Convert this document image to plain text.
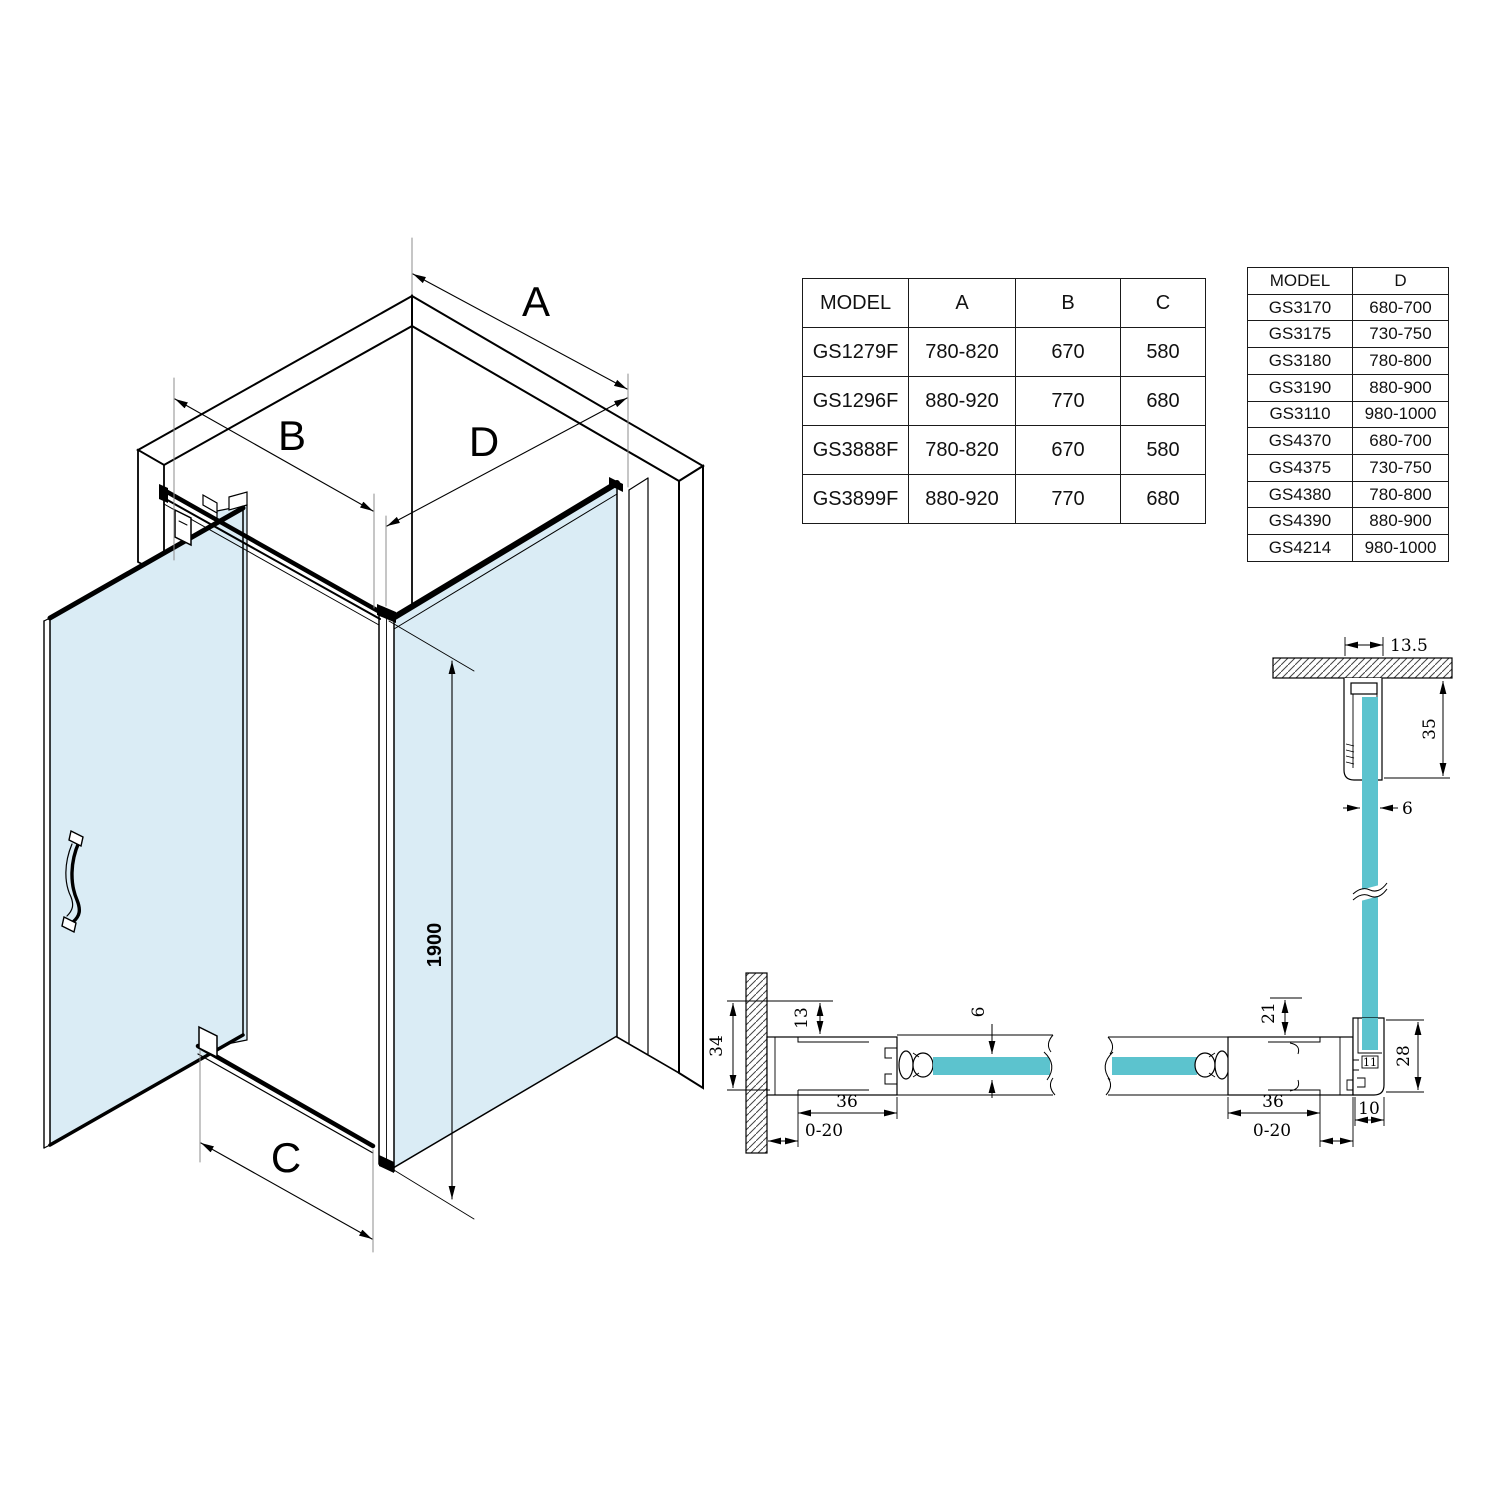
A
B	D
C
1900
13.5
35
6
34
13	6
36
0-20
21
28
10
36
0-20
11
MODEL	A	B	C
GS1279F	780-820	670	580
GS1296F	880-920	770	680
GS3888F	780-820	670	580
GS3899F	880-920	770	680
MODEL	D
GS3170	680-700
GS3175	730-750
GS3180	780-800
GS3190	880-900
GS3110	980-1000
GS4370	680-700
GS4375	730-750
GS4380	780-800
GS4390	880-900
GS4214	980-1000
